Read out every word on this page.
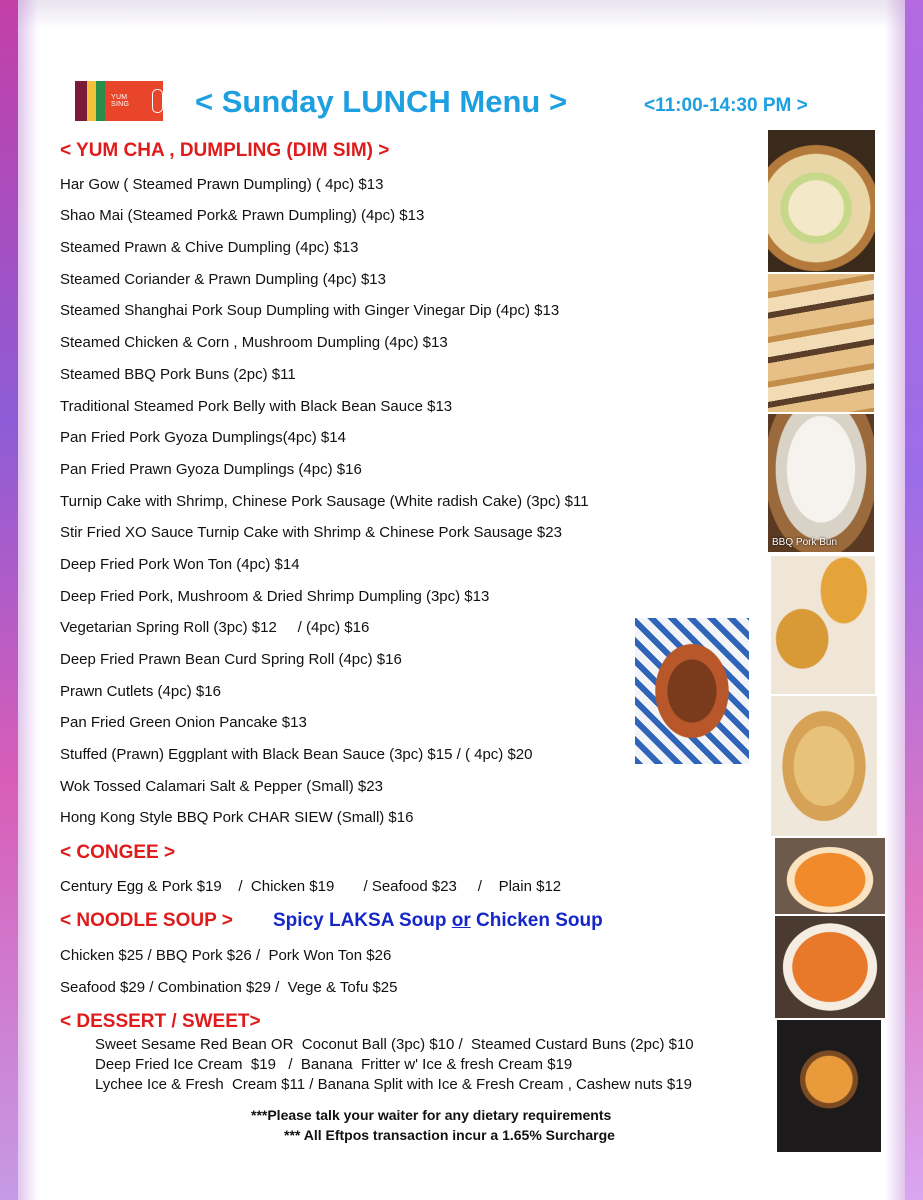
YUM SING	< Sunday LUNCH Menu >	<11:00-14:30 PM >
< YUM CHA , DUMPLING (DIM SIM) >
Har Gow ( Steamed Prawn Dumpling) ( 4pc) $13
Shao Mai (Steamed Pork& Prawn Dumpling) (4pc) $13
Steamed Prawn & Chive Dumpling (4pc) $13
Steamed Coriander & Prawn Dumpling (4pc) $13
Steamed Shanghai Pork Soup Dumpling with Ginger Vinegar Dip (4pc) $13
Steamed Chicken & Corn , Mushroom Dumpling (4pc) $13
Steamed BBQ Pork Buns (2pc) $11
Traditional Steamed Pork Belly with Black Bean Sauce $13
Pan Fried Pork Gyoza Dumplings(4pc) $14
Pan Fried Prawn Gyoza Dumplings (4pc) $16
Turnip Cake with Shrimp, Chinese Pork Sausage (White radish Cake) (3pc) $11
Stir Fried XO Sauce Turnip Cake with Shrimp & Chinese Pork Sausage $23
Deep Fried Pork Won Ton (4pc) $14
Deep Fried Pork, Mushroom & Dried Shrimp Dumpling (3pc) $13
Vegetarian Spring Roll (3pc) $12     / (4pc) $16
Deep Fried Prawn Bean Curd Spring Roll (4pc) $16
Prawn Cutlets (4pc) $16
Pan Fried Green Onion Pancake $13
Stuffed (Prawn) Eggplant with Black Bean Sauce (3pc) $15 / ( 4pc) $20
Wok Tossed Calamari Salt & Pepper (Small) $23
Hong Kong Style BBQ Pork CHAR SIEW (Small) $16
< CONGEE >
Century Egg & Pork $19    /  Chicken $19       / Seafood $23     /    Plain $12
< NOODLE SOUP > Spicy LAKSA Soup or Chicken Soup
Chicken $25 / BBQ Pork $26 /  Pork Won Ton $26
Seafood $29 / Combination $29 /  Vege & Tofu $25
< DESSERT / SWEET>
Sweet Sesame Red Bean OR  Coconut Ball (3pc) $10 /  Steamed Custard Buns (2pc) $10
Deep Fried Ice Cream  $19   /  Banana  Fritter w' Ice & fresh Cream $19
Lychee Ice & Fresh  Cream $11 / Banana Split with Ice & Fresh Cream , Cashew nuts $19
***Please talk your waiter for any dietary requirements
*** All Eftpos transaction incur a 1.65% Surcharge
BBQ Pork Bun
